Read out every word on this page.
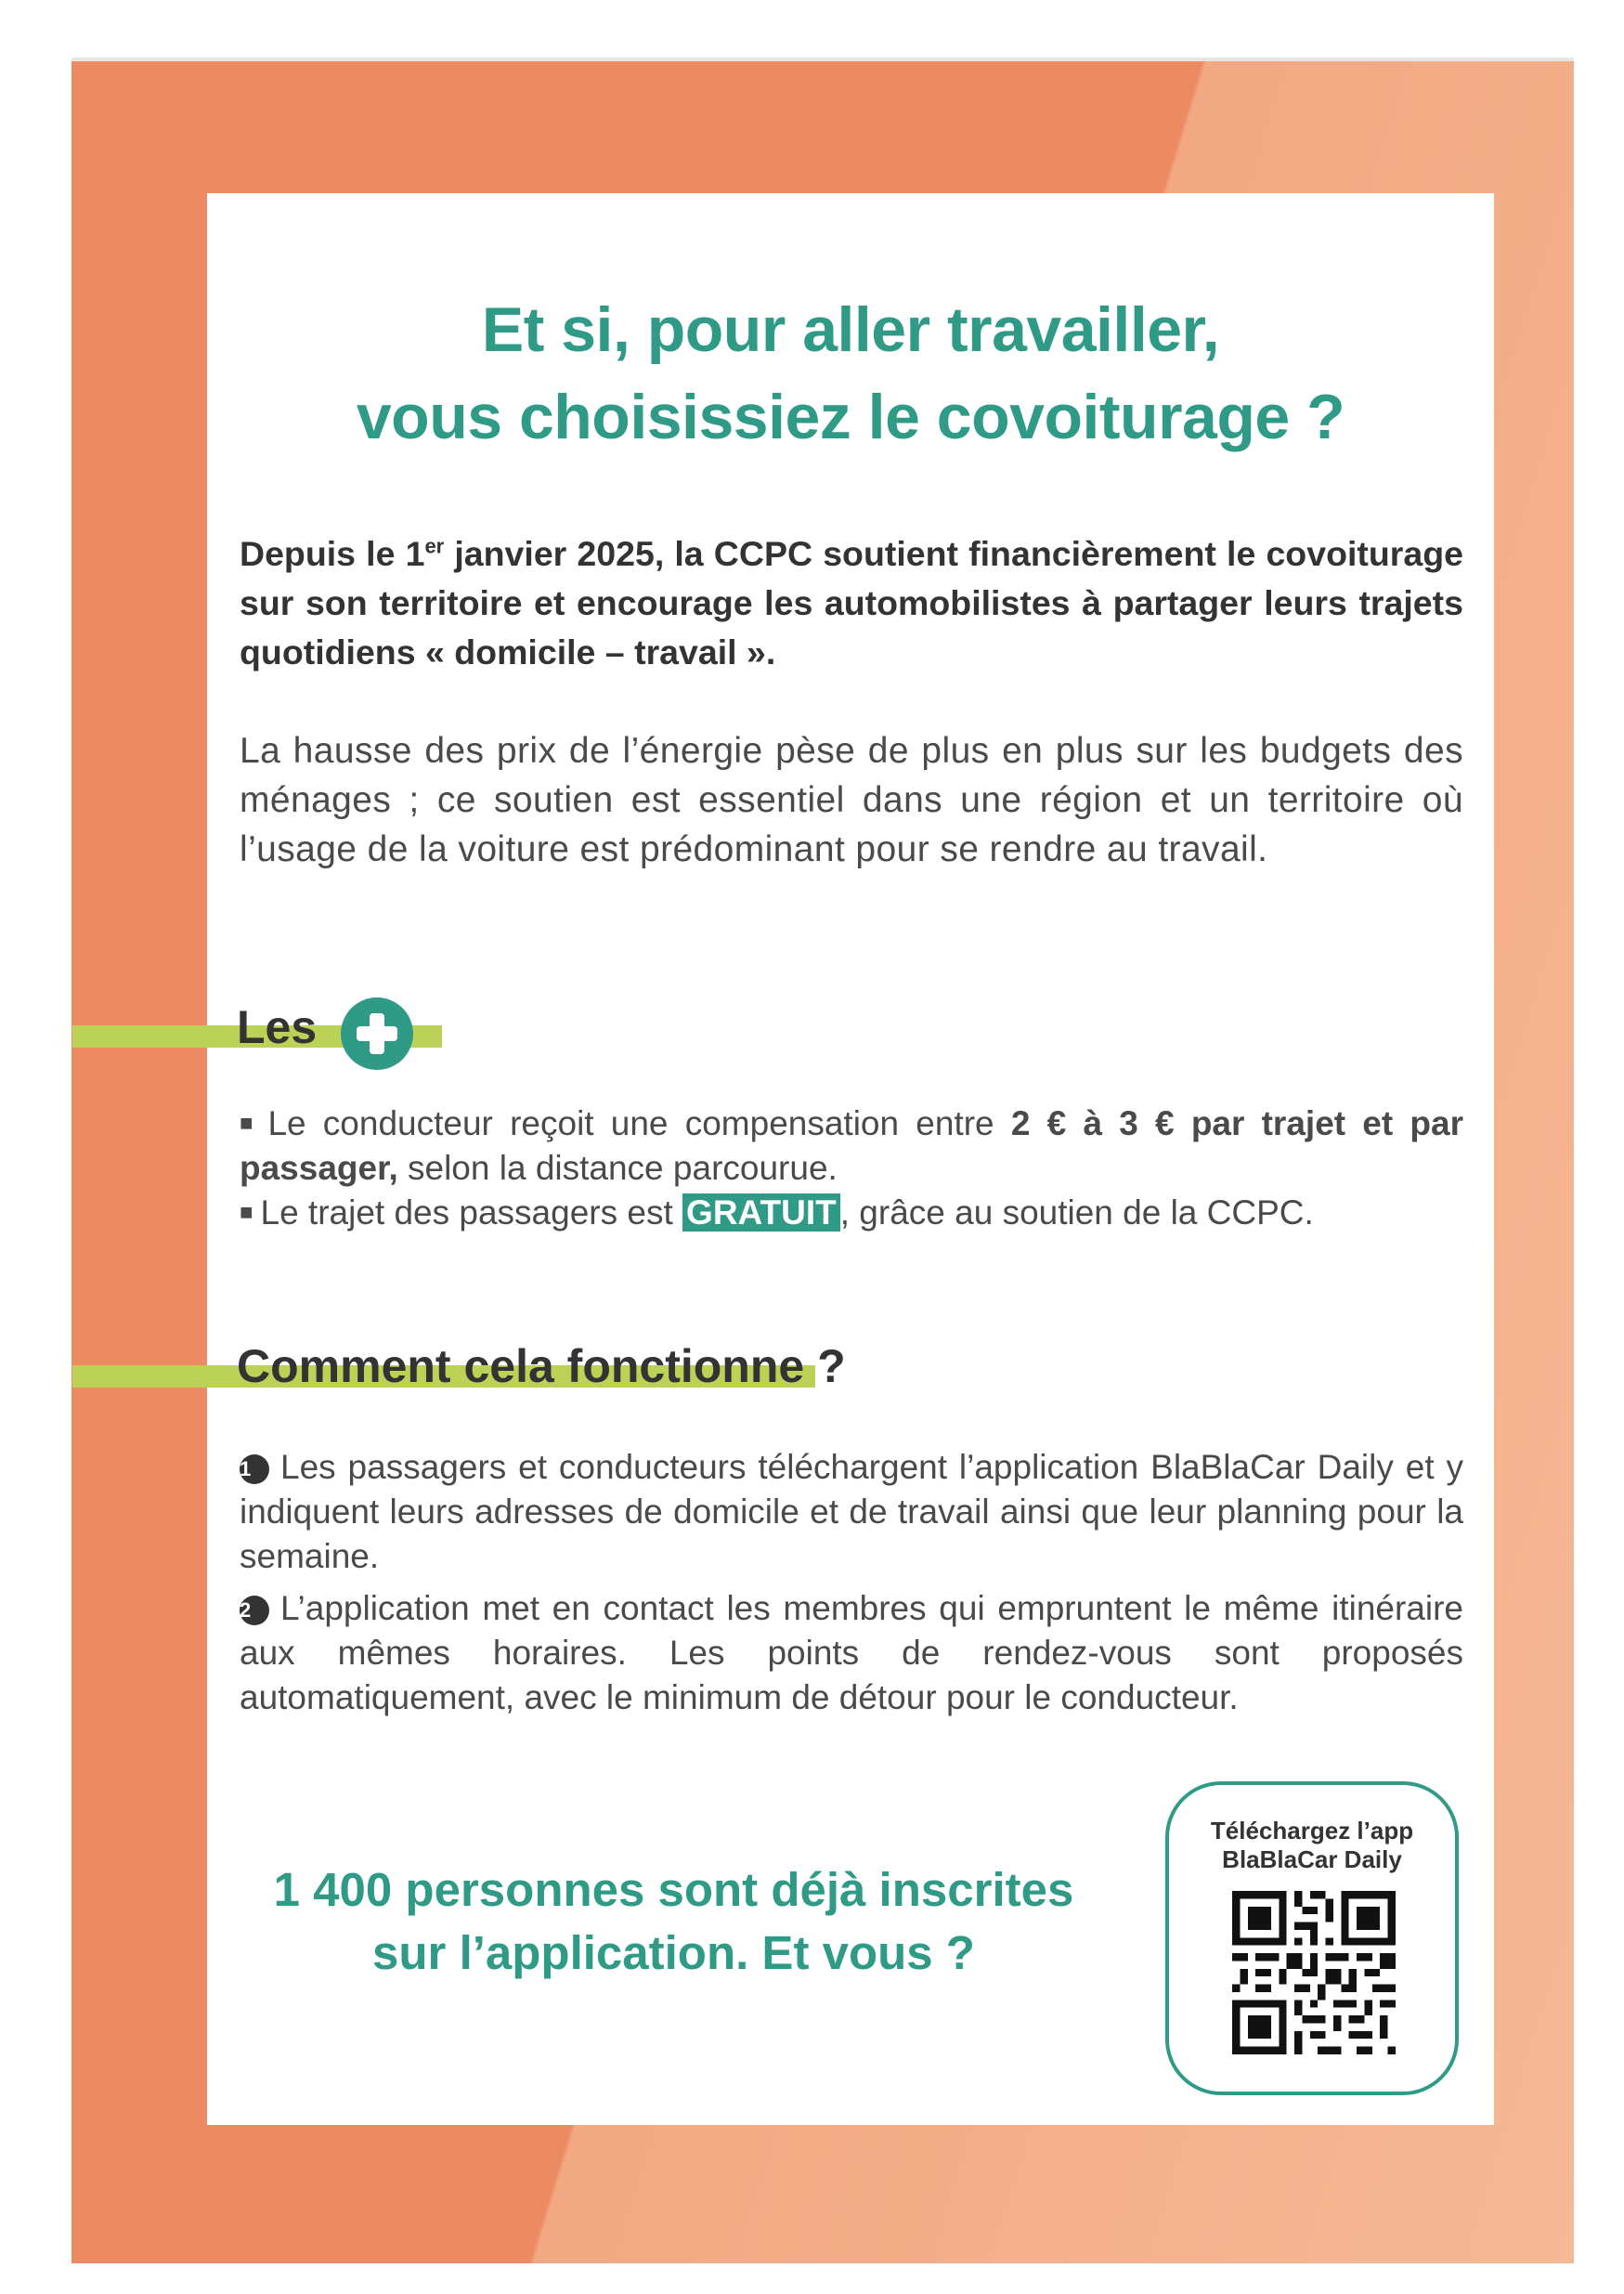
Et si, pour aller travailler,
vous choisissiez le covoiturage ?
Depuis le 1er janvier 2025, la CCPC soutient financièrement le covoiturage sur son territoire et encourage les automobilistes à partager leurs trajets quotidiens « domicile – travail ».
La hausse des prix de l’énergie pèse de plus en plus sur les budgets des ménages ; ce soutien est essentiel dans une région et un territoire où l’usage de la voiture est prédominant pour se rendre au travail.
Les

■ Le conducteur reçoit une compensation entre 2 € à 3 € par trajet et par passager, selon la distance parcourue.

■ Le trajet des passagers est GRATUIT , grâce au soutien de la CCPC.

Comment cela fonctionne ?

1 Les passagers et conducteurs téléchargent l’application BlaBlaCar Daily et y indiquent leurs adresses de domicile et de travail ainsi que leur planning pour la semaine.

2 L’application met en contact les membres qui empruntent le même itinéraire aux mêmes horaires. Les points de rendez-vous sont proposés automatiquement, avec le minimum de détour pour le conducteur.

1 400 personnes sont déjà inscrites
sur l’application. Et vous ?
Téléchargez l’app
BlaBlaCar Daily
